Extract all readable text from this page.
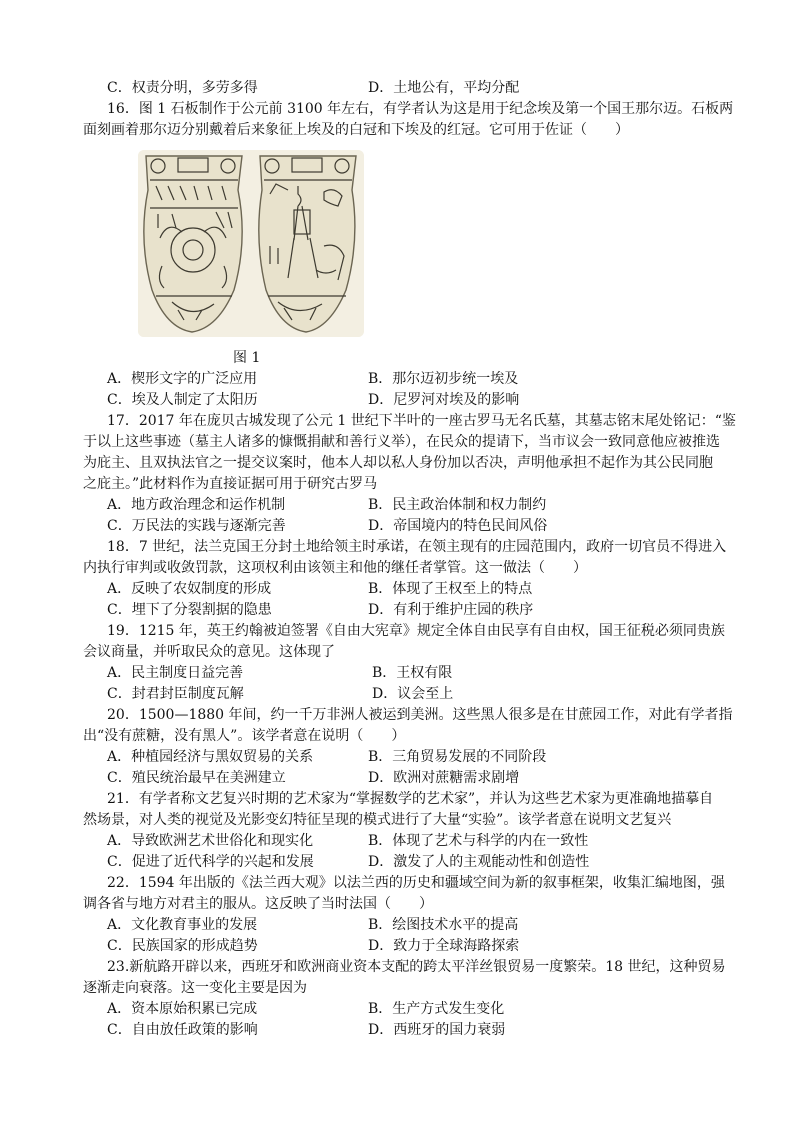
C．权责分明，多劳多得	D．土地公有，平均分配
16．图 1 石板制作于公元前 3100 年左右，有学者认为这是用于纪念埃及第一个国王那尔迈。石板两
面刻画着那尔迈分别戴着后来象征上埃及的白冠和下埃及的红冠。它可用于佐证（　　）
图 1
A．楔形文字的广泛应用	B．那尔迈初步统一埃及
C．埃及人制定了太阳历	D．尼罗河对埃及的影响
17．2017 年在庞贝古城发现了公元 1 世纪下半叶的一座古罗马无名氏墓，其墓志铭末尾处铭记：“鉴
于以上这些事迹（墓主人诸多的慷慨捐献和善行义举），在民众的提请下，当市议会一致同意他应被推选
为庇主、且双执法官之一提交议案时，他本人却以私人身份加以否决，声明他承担不起作为其公民同胞
之庇主。”此材料作为直接证据可用于研究古罗马
A．地方政治理念和运作机制	B．民主政治体制和权力制约
C．万民法的实践与逐渐完善	D．帝国境内的特色民间风俗
18．7 世纪，法兰克国王分封土地给领主时承诺，在领主现有的庄园范围内，政府一切官员不得进入
内执行审判或收敛罚款，这项权利由该领主和他的继任者掌管。这一做法（　　）
A．反映了农奴制度的形成	B．体现了王权至上的特点
C．埋下了分裂割据的隐患	D．有利于维护庄园的秩序
19．1215 年，英王约翰被迫签署《自由大宪章》规定全体自由民享有自由权，国王征税必须同贵族
会议商量，并听取民众的意见。这体现了
A．民主制度日益完善	B．王权有限
C．封君封臣制度瓦解	D．议会至上
20．1500—1880 年间，约一千万非洲人被运到美洲。这些黑人很多是在甘蔗园工作，对此有学者指
出“没有蔗糖，没有黑人”。该学者意在说明（　　）
A．种植园经济与黑奴贸易的关系	B．三角贸易发展的不同阶段
C．殖民统治最早在美洲建立	D．欧洲对蔗糖需求剧增
21．有学者称文艺复兴时期的艺术家为“掌握数学的艺术家”，并认为这些艺术家为更准确地描摹自
然场景，对人类的视觉及光影变幻特征呈现的模式进行了大量“实验”。该学者意在说明文艺复兴
A．导致欧洲艺术世俗化和现实化	B．体现了艺术与科学的内在一致性
C．促进了近代科学的兴起和发展	D．激发了人的主观能动性和创造性
22．1594 年出版的《法兰西大观》以法兰西的历史和疆域空间为新的叙事框架，收集汇编地图，强
调各省与地方对君主的服从。这反映了当时法国（　　）
A．文化教育事业的发展	B．绘图技术水平的提高
C．民族国家的形成趋势	D．致力于全球海路探索
23.新航路开辟以来，西班牙和欧洲商业资本支配的跨太平洋丝银贸易一度繁荣。18 世纪，这种贸易
逐渐走向衰落。这一变化主要是因为
A．资本原始积累已完成	B．生产方式发生变化
C．自由放任政策的影响	D．西班牙的国力衰弱
